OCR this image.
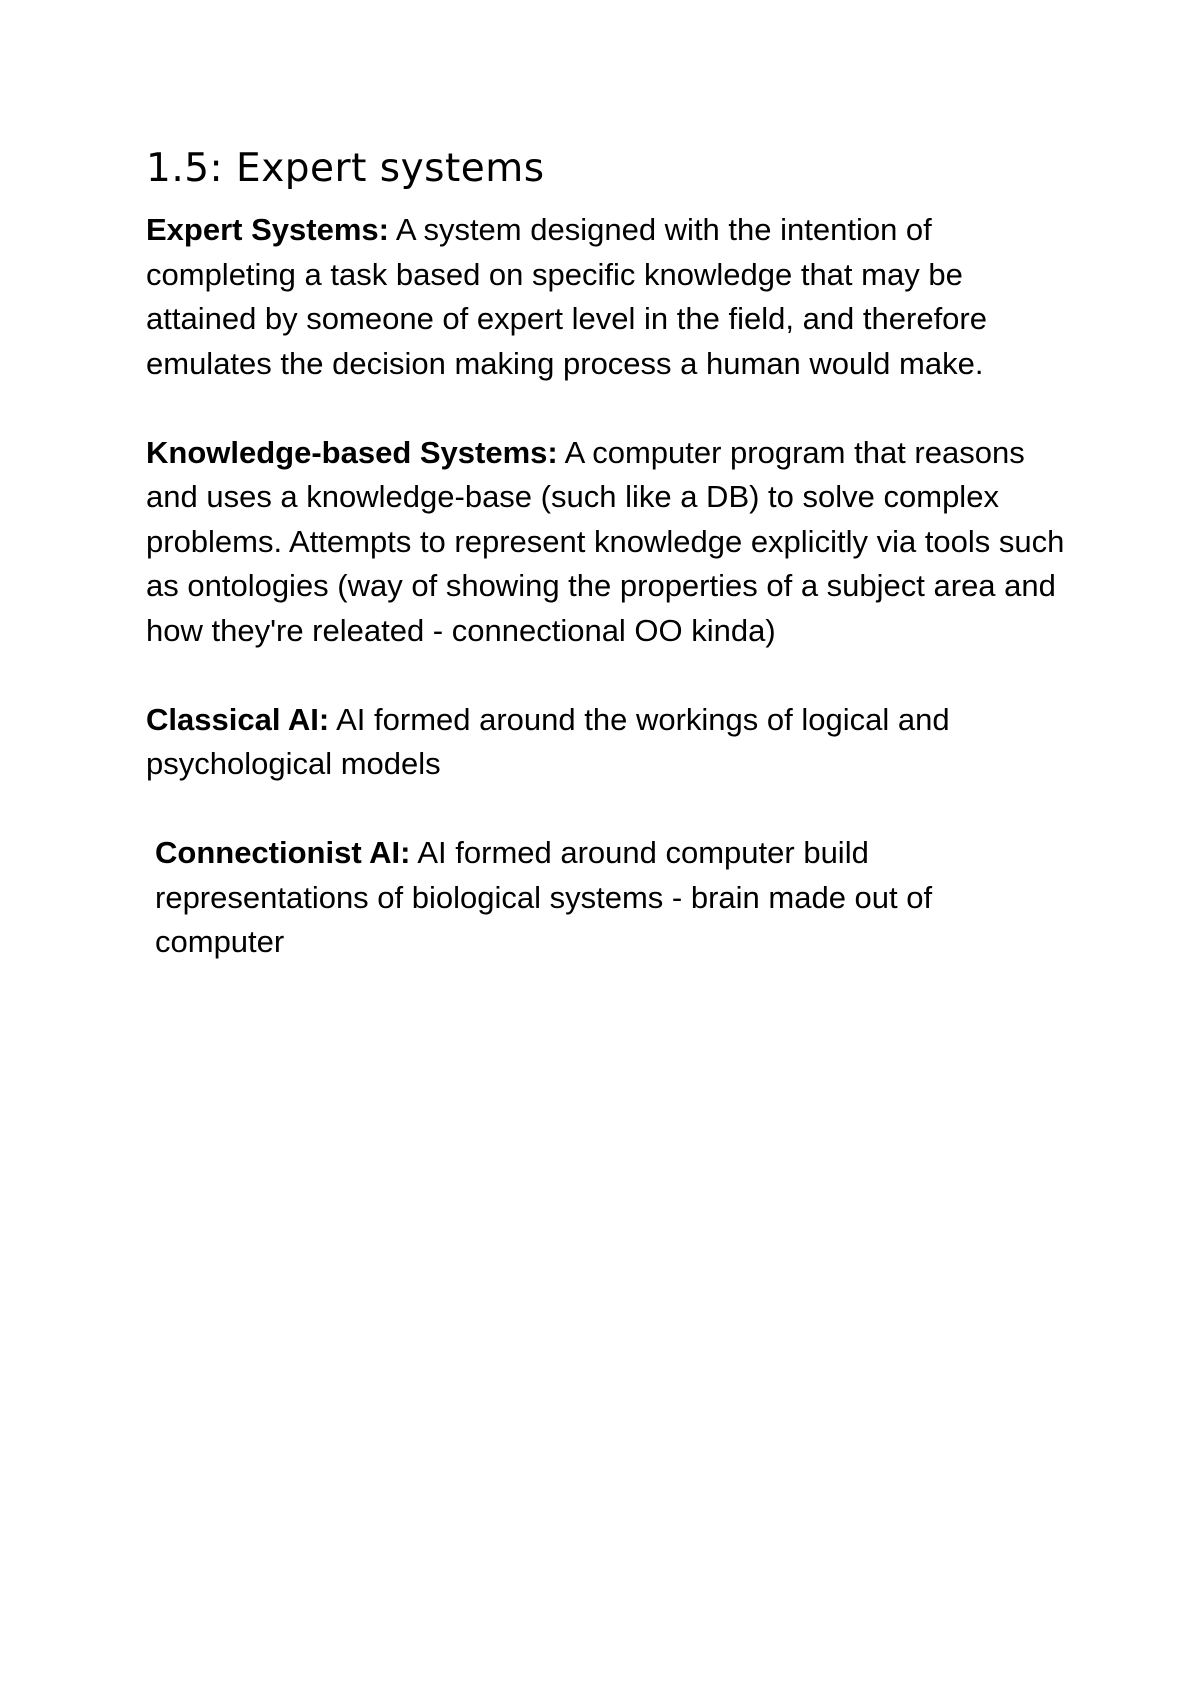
1.5: Expert systems

Expert Systems: A system designed with the intention of completing a task based on specific knowledge that may be attained by someone of expert level in the field, and therefore emulates the decision making process a human would make.

Knowledge-based Systems: A computer program that reasons and uses a knowledge-base (such like a DB) to solve complex problems. Attempts to represent knowledge explicitly via tools such as ontologies (way of showing the properties of a subject area and how they're releated - connectional OO kinda)

Classical AI: AI formed around the workings of logical and psychological models

Connectionist AI: AI formed around computer build representations of biological systems - brain made out of computer
